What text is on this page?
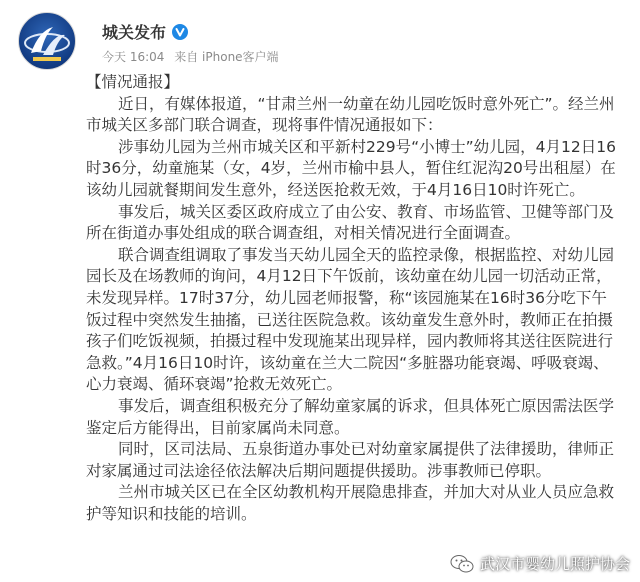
城关发布
今天 16:04 来自 iPhone客户端

【情况通报】

近日，有媒体报道，“甘肃兰州一幼童在幼儿园吃饭时意外死亡”。经兰州市城关区多部门联合调查，现将事件情况通报如下：

涉事幼儿园为兰州市城关区和平新村229号“小博士”幼儿园，4月12日16时36分，幼童施某（女，4岁，兰州市榆中县人，暂住红泥沟20号出租屋）在该幼儿园就餐期间发生意外，经送医抢救无效，于4月16日10时许死亡。

事发后，城关区委区政府成立了由公安、教育、市场监管、卫健等部门及所在街道办事处组成的联合调查组，对相关情况进行全面调查。

联合调查组调取了事发当天幼儿园全天的监控录像，根据监控、对幼儿园园长及在场教师的询问，4月12日下午饭前，该幼童在幼儿园一切活动正常，未发现异样。17时37分，幼儿园老师报警，称“该园施某在16时36分吃下午饭过程中突然发生抽搐，已送往医院急救。该幼童发生意外时，教师正在拍摄孩子们吃饭视频，拍摄过程中发现施某出现异样，园内教师将其送往医院进行急救。”4月16日10时许，该幼童在兰大二院因“多脏器功能衰竭、呼吸衰竭、心力衰竭、循环衰竭”抢救无效死亡。

事发后，调查组积极充分了解幼童家属的诉求，但具体死亡原因需法医学鉴定后方能得出，目前家属尚未同意。

同时，区司法局、五泉街道办事处已对幼童家属提供了法律援助，律师正对家属通过司法途径依法解决后期问题提供援助。涉事教师已停职。

兰州市城关区已在全区幼教机构开展隐患排查，并加大对从业人员应急救护等知识和技能的培训。

武汉市婴幼儿照护协会
